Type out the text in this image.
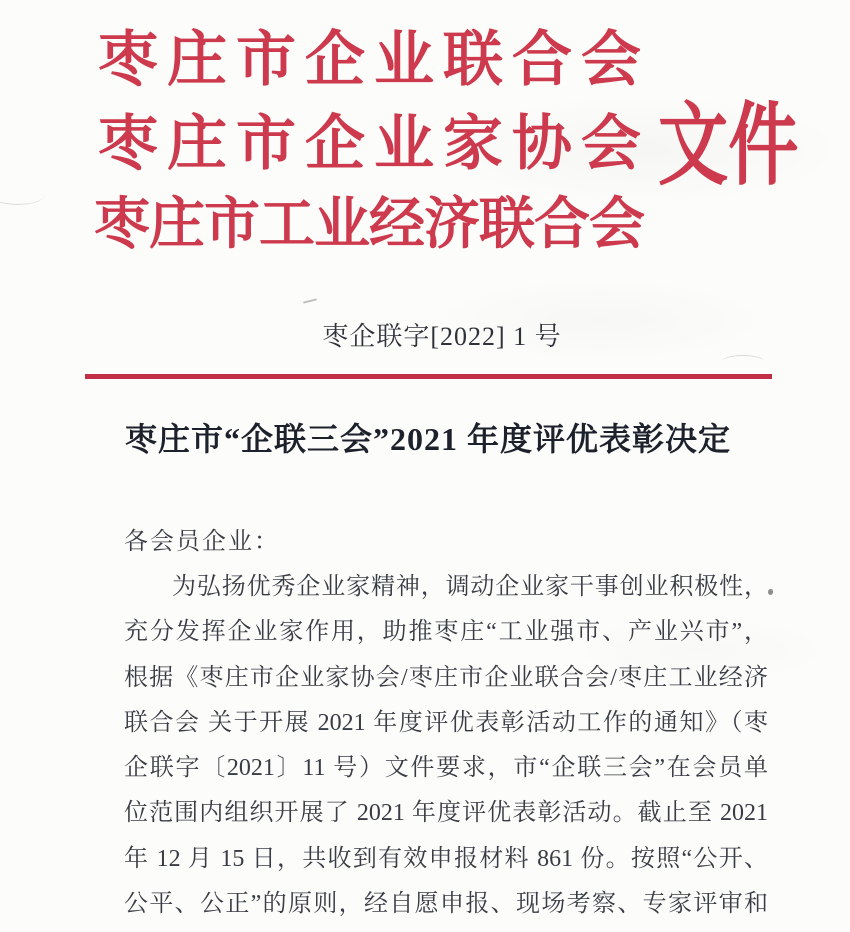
枣庄市企业联合会
枣庄市企业家协会
枣庄市工业经济联合会
文件
枣企联字[2022] 1 号
枣庄市“企联三会”2021 年度评优表彰决定
各会员企业：
为弘扬优秀企业家精神，调动企业家干事创业积极性，
充分发挥企业家作用，助推枣庄“工业强市、产业兴市”，
根据《枣庄市企业家协会/枣庄市企业联合会/枣庄工业经济
联合会 关于开展 2021 年度评优表彰活动工作的通知》（枣
企联字〔2021〕11 号）文件要求，市“企联三会”在会员单
位范围内组织开展了 2021 年度评优表彰活动。截止至 2021
年 12 月 15 日，共收到有效申报材料 861 份。按照“公开、
公平、公正”的原则，经自愿申报、现场考察、专家评审和
